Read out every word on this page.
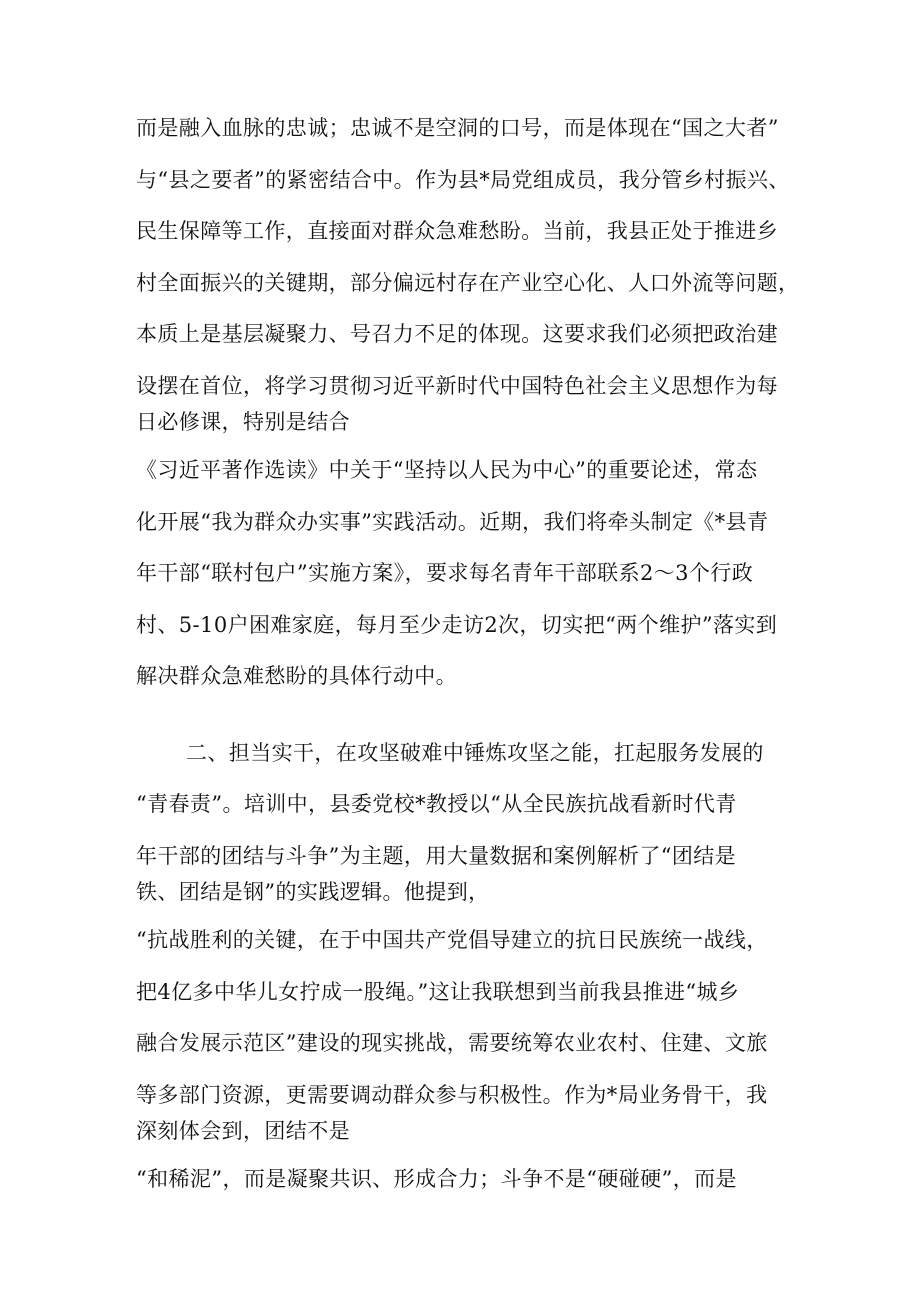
而是融入血脉的忠诚；忠诚不是空洞的口号，而是体现在“国之大者”

与“县之要者”的紧密结合中。作为县*局党组成员，我分管乡村振兴、

民生保障等工作，直接面对群众急难愁盼。当前，我县正处于推进乡

村全面振兴的关键期，部分偏远村存在产业空心化、人口外流等问题，

本质上是基层凝聚力、号召力不足的体现。这要求我们必须把政治建

设摆在首位，将学习贯彻习近平新时代中国特色社会主义思想作为每

日必修课，特别是结合

《习近平著作选读》中关于“坚持以人民为中心”的重要论述，常态

化开展“我为群众办实事”实践活动。近期，我们将牵头制定《*县青

年干部“联村包户”实施方案》，要求每名青年干部联系2～3个行政

村、5-10户困难家庭，每月至少走访2次，切实把“两个维护”落实到

解决群众急难愁盼的具体行动中。

二、担当实干，在攻坚破难中锤炼攻坚之能，扛起服务发展的

“青春责”。培训中，县委党校*教授以“从全民族抗战看新时代青

年干部的团结与斗争”为主题，用大量数据和案例解析了“团结是

铁、团结是钢”的实践逻辑。他提到，

“抗战胜利的关键，在于中国共产党倡导建立的抗日民族统一战线，

把4亿多中华儿女拧成一股绳。”这让我联想到当前我县推进“城乡

融合发展示范区”建设的现实挑战，需要统筹农业农村、住建、文旅

等多部门资源，更需要调动群众参与积极性。作为*局业务骨干，我

深刻体会到，团结不是

“和稀泥”，而是凝聚共识、形成合力；斗争不是“硬碰硬”，而是
